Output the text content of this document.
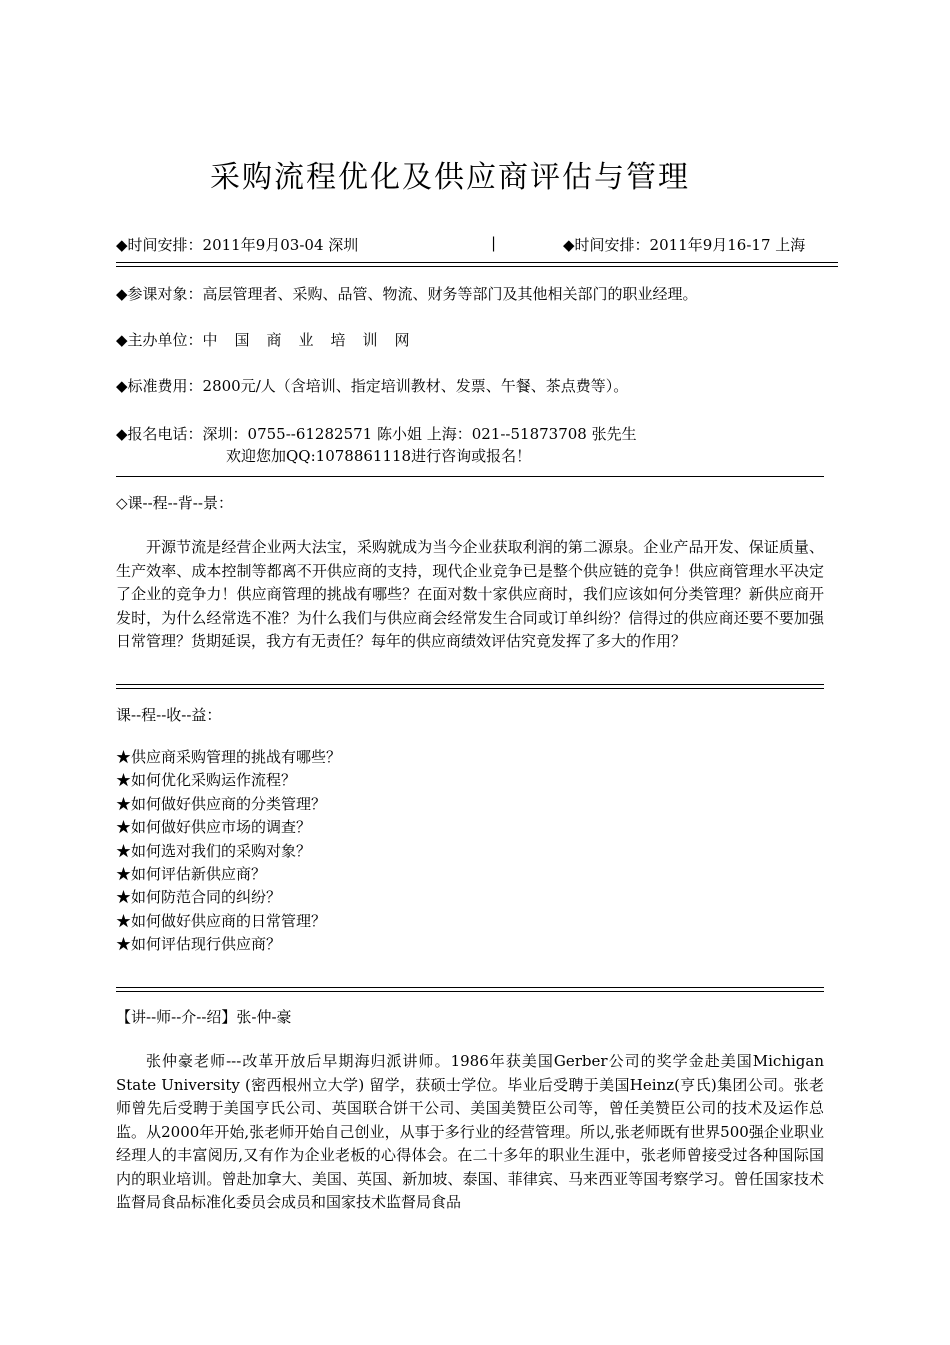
采购流程优化及供应商评估与管理
◆时间安排：2011年9月03-04 深圳	|	◆时间安排：2011年9月16-17 上海
◆参课对象：高层管理者、采购、品管、物流、财务等部门及其他相关部门的职业经理。
◆主办单位：中国商业培训网
◆标准费用：2800元/人（含培训、指定培训教材、发票、午餐、茶点费等）。
◆报名电话：深圳：0755--61282571 陈小姐 上海：021--51873708 张先生
欢迎您加QQ:1078861118进行咨询或报名！
◇课--程--背--景：
开源节流是经营企业两大法宝，采购就成为当今企业获取利润的第二源泉。企业产品开发、保证质量、生产效率、成本控制等都离不开供应商的支持，现代企业竞争已是整个供应链的竞争！供应商管理水平决定了企业的竞争力！供应商管理的挑战有哪些？在面对数十家供应商时，我们应该如何分类管理？新供应商开发时，为什么经常选不准？为什么我们与供应商会经常发生合同或订单纠纷？信得过的供应商还要不要加强日常管理？货期延误，我方有无责任？每年的供应商绩效评估究竟发挥了多大的作用？
课--程--收--益：
★供应商采购管理的挑战有哪些？
★如何优化采购运作流程？
★如何做好供应商的分类管理？
★如何做好供应市场的调查？
★如何选对我们的采购对象？
★如何评估新供应商？
★如何防范合同的纠纷？
★如何做好供应商的日常管理？
★如何评估现行供应商？
【讲--师--介--绍】张-仲-豪
张仲豪老师---改革开放后早期海归派讲师。1986年获美国Gerber公司的奖学金赴美国Michigan State University (密西根州立大学) 留学，获硕士学位。毕业后受聘于美国Heinz(亨氏)集团公司。张老师曾先后受聘于美国亨氏公司、英国联合饼干公司、美国美赞臣公司等，曾任美赞臣公司的技术及运作总监。从2000年开始,张老师开始自己创业，从事于多行业的经营管理。所以,张老师既有世界500强企业职业经理人的丰富阅历,又有作为企业老板的心得体会。在二十多年的职业生涯中，张老师曾接受过各种国际国内的职业培训。曾赴加拿大、美国、英国、新加坡、泰国、菲律宾、马来西亚等国考察学习。曾任国家技术监督局食品标准化委员会成员和国家技术监督局食品
